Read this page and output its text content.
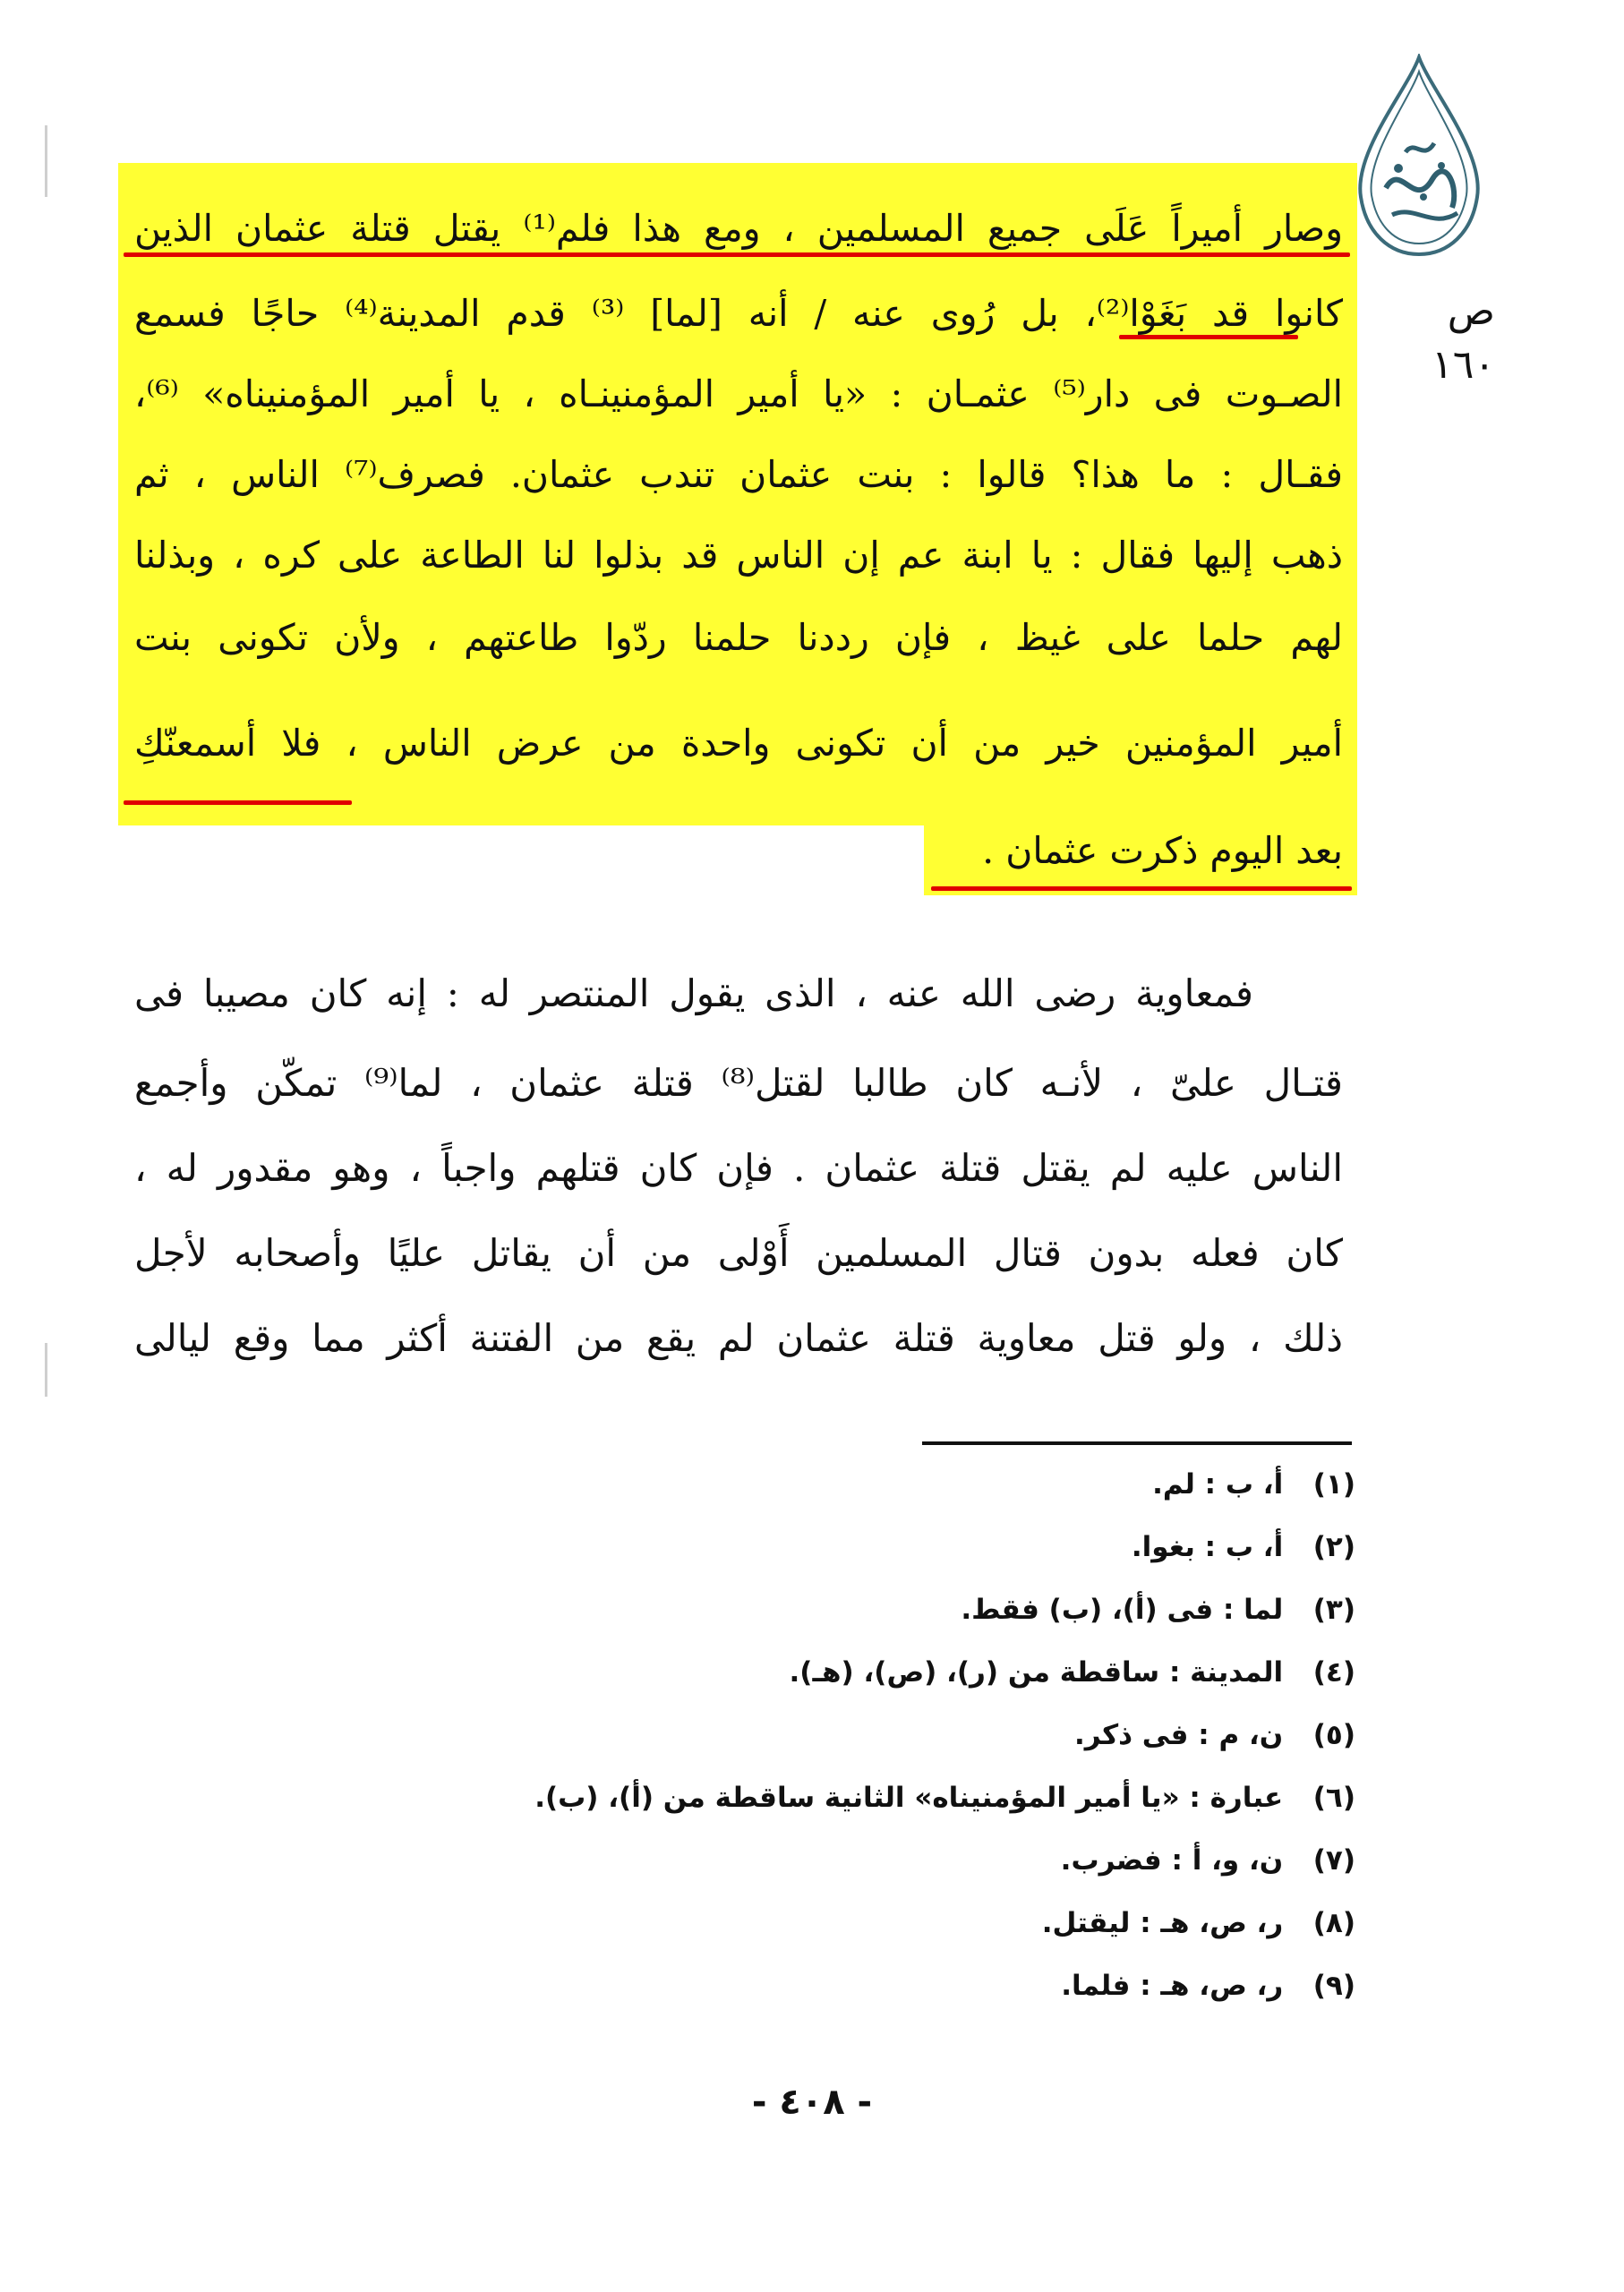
ص ١٦٠
وصار أميراً عَلَى جميع المسلمين ، ومع هذا فلم⁽¹⁾ يقتل قتلة عثمان الذين
كانوا قد بَغَوْا⁽²⁾، بل رُوى عنه / أنه [لما] ⁽³⁾ قدم المدينة⁽⁴⁾ حاجًا فسمع
الصـوت فى دار⁽⁵⁾ عثمـان : «يا أمير المؤمنينـاه ، يا أمير المؤمنيناه» ⁽⁶⁾،
فقـال : ما هذا؟ قالوا : بنت عثمان تندب عثمان. فصرف⁽⁷⁾ الناس ، ثم
ذهب إليها فقال : يا ابنة عم إن الناس قد بذلوا لنا الطاعة على كره ، وبذلنا
لهم حلما على غيظ ، فإن رددنا حلمنا ردّوا طاعتهم ، ولأن تكونى بنت
أمير المؤمنين خير من أن تكونى واحدة من عرض الناس ، فلا أسمعنّكِ
بعد اليوم ذكرت عثمان .
فمعاوية رضى الله عنه ، الذى يقول المنتصر له : إنه كان مصيبا فى
قتـال علىّ ، لأنـه كان طالبا لقتل⁽⁸⁾ قتلة عثمان ، لما⁽⁹⁾ تمكّن وأجمع
الناس عليه لم يقتل قتلة عثمان . فإن كان قتلهم واجباً ، وهو مقدور له ،
كان فعله بدون قتال المسلمين أَوْلى من أن يقاتل عليًا وأصحابه لأجل
ذلك ، ولو قتل معاوية قتلة عثمان لم يقع من الفتنة أكثر مما وقع ليالى
(١) أ، ب : لم.
(٢) أ، ب : بغوا.
(٣) لما : فى (أ)، (ب) فقط.
(٤) المدينة : ساقطة من (ر)، (ص)، (هـ).
(٥) ن، م : فى ذكر.
(٦) عبارة : «يا أمير المؤمنيناه» الثانية ساقطة من (أ)، (ب).
(٧) ن، و، أ : فضرب.
(٨) ر، ص، هـ : ليقتل.
(٩) ر، ص، هـ : فلما.
- ٤٠٨ -
